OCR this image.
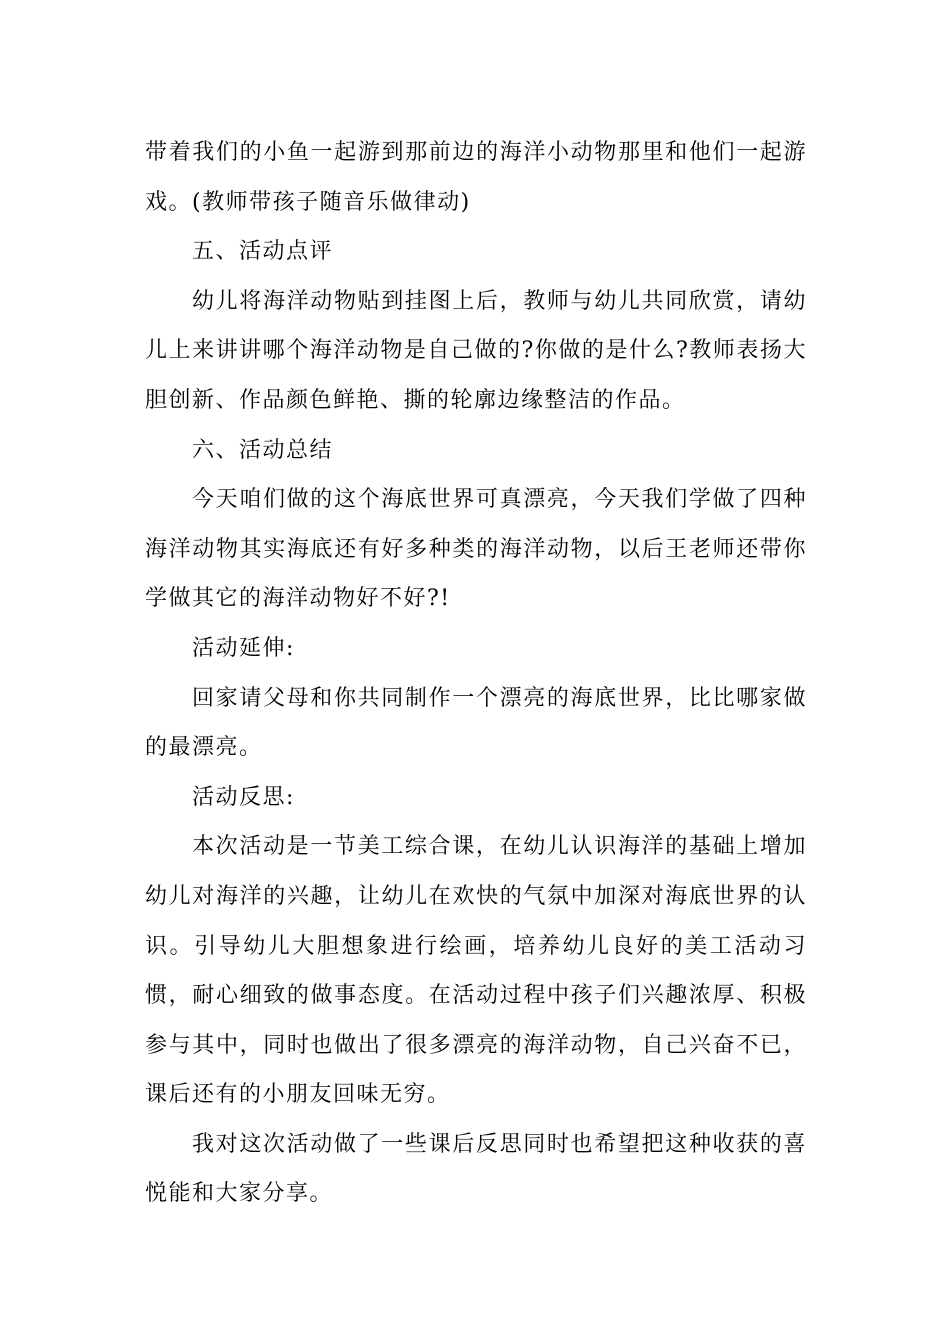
带着我们的小鱼一起游到那前边的海洋小动物那里和他们一起游戏。(教师带孩子随音乐做律动)

五、活动点评

幼儿将海洋动物贴到挂图上后，教师与幼儿共同欣赏，请幼儿上来讲讲哪个海洋动物是自己做的?你做的是什么?教师表扬大胆创新、作品颜色鲜艳、撕的轮廓边缘整洁的作品。

六、活动总结

今天咱们做的这个海底世界可真漂亮，今天我们学做了四种海洋动物其实海底还有好多种类的海洋动物，以后王老师还带你学做其它的海洋动物好不好?!

活动延伸:

回家请父母和你共同制作一个漂亮的海底世界，比比哪家做的最漂亮。

活动反思:

本次活动是一节美工综合课，在幼儿认识海洋的基础上增加幼儿对海洋的兴趣，让幼儿在欢快的气氛中加深对海底世界的认识。引导幼儿大胆想象进行绘画，培养幼儿良好的美工活动习惯，耐心细致的做事态度。在活动过程中孩子们兴趣浓厚、积极参与其中，同时也做出了很多漂亮的海洋动物，自己兴奋不已，课后还有的小朋友回味无穷。

我对这次活动做了一些课后反思同时也希望把这种收获的喜悦能和大家分享。
